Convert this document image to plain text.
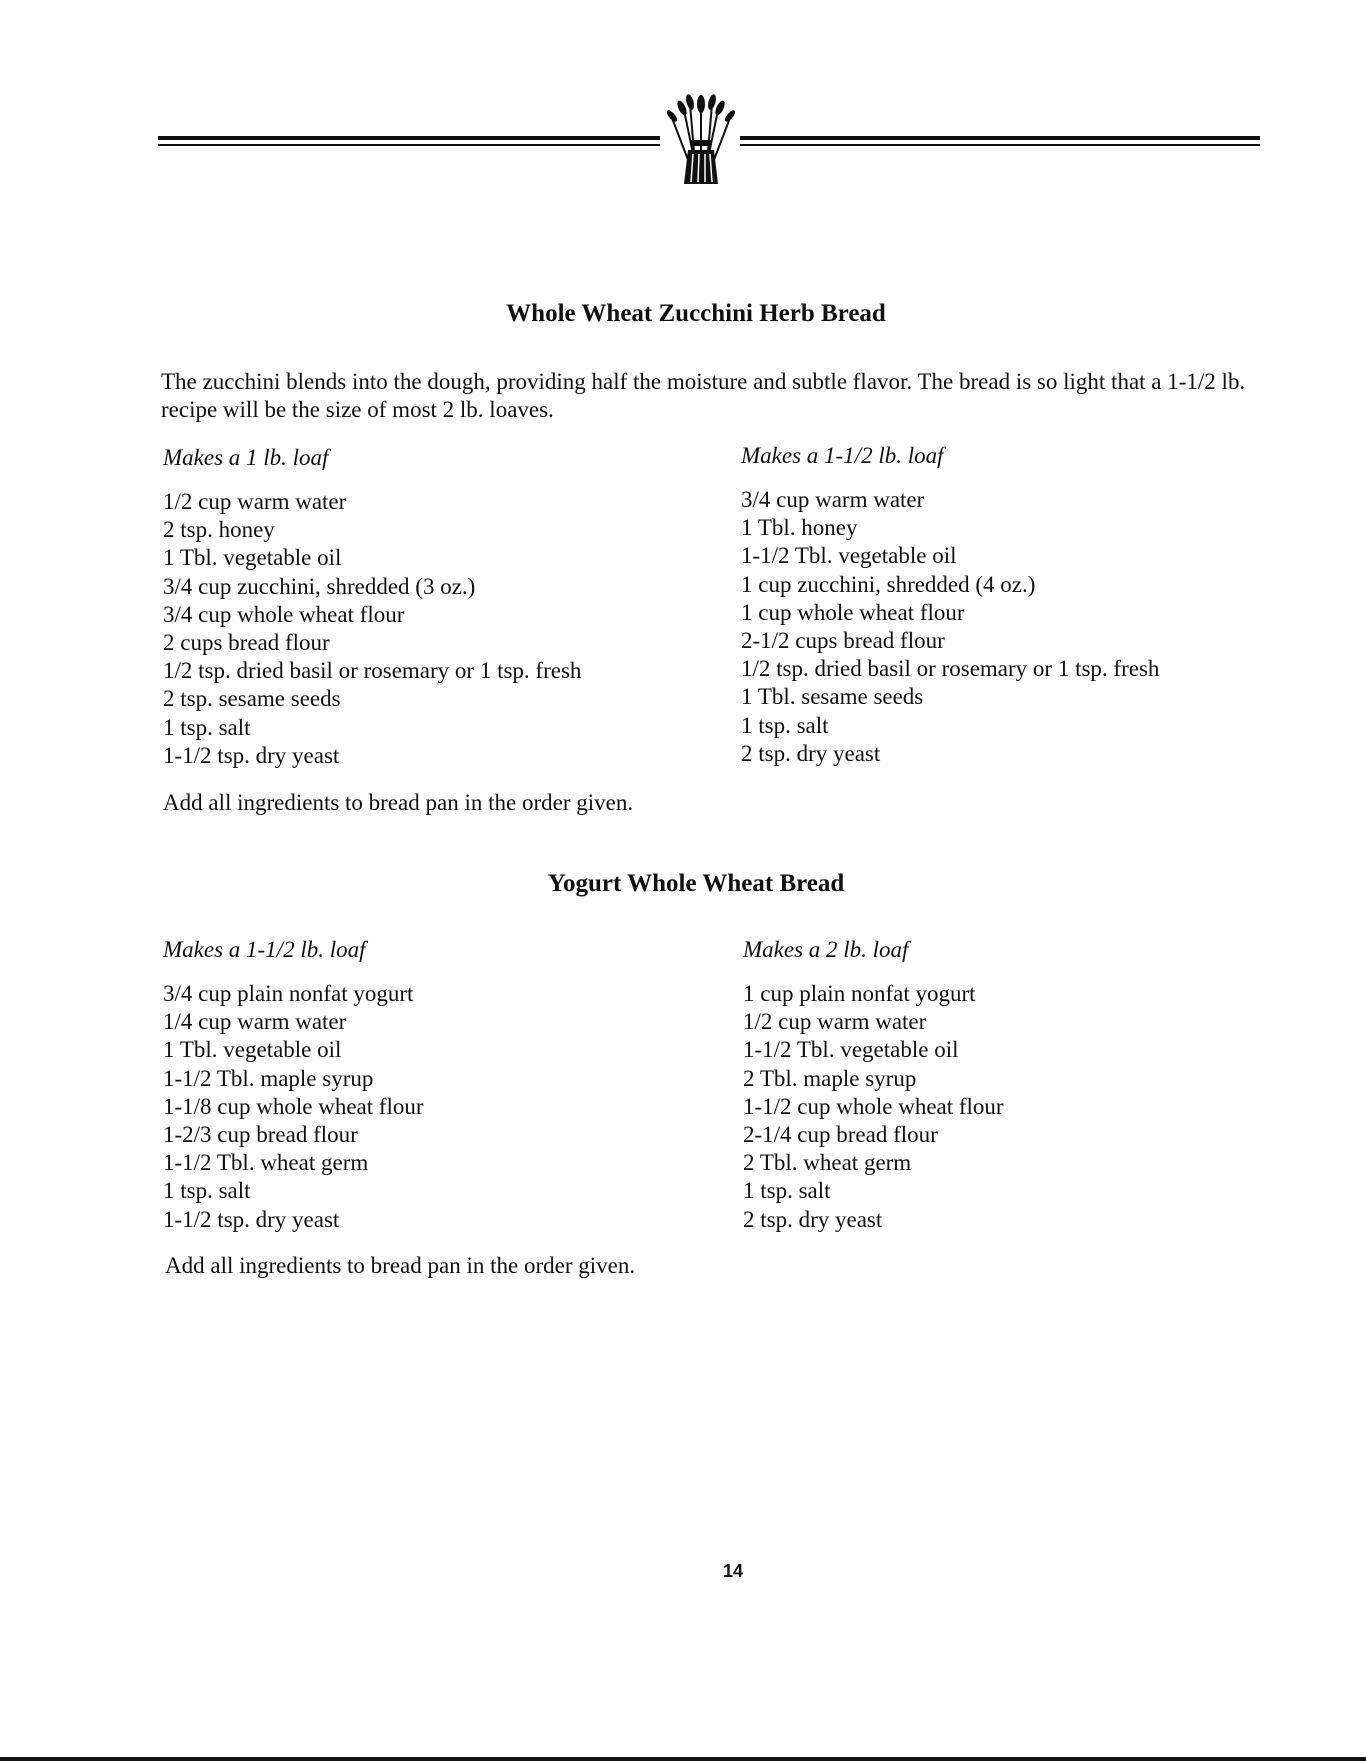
Whole Wheat Zucchini Herb Bread
The zucchini blends into the dough, providing half the moisture and subtle flavor. The bread is so light that a 1-1/2 lb. recipe will be the size of most 2 lb. loaves.
Makes a 1 lb. loaf
1/2 cup warm water
2 tsp. honey
1 Tbl. vegetable oil
3/4 cup zucchini, shredded (3 oz.)
3/4 cup whole wheat flour
2 cups bread flour
1/2 tsp. dried basil or rosemary or 1 tsp. fresh
2 tsp. sesame seeds
1 tsp. salt
1-1/2 tsp. dry yeast
Makes a 1-1/2 lb. loaf
3/4 cup warm water
1 Tbl. honey
1-1/2 Tbl. vegetable oil
1 cup zucchini, shredded (4 oz.)
1 cup whole wheat flour
2-1/2 cups bread flour
1/2 tsp. dried basil or rosemary or 1 tsp. fresh
1 Tbl. sesame seeds
1 tsp. salt
2 tsp. dry yeast
Add all ingredients to bread pan in the order given.
Yogurt Whole Wheat Bread
Makes a 1-1/2 lb. loaf
3/4 cup plain nonfat yogurt
1/4 cup warm water
1 Tbl. vegetable oil
1-1/2 Tbl. maple syrup
1-1/8 cup whole wheat flour
1-2/3 cup bread flour
1-1/2 Tbl. wheat germ
1 tsp. salt
1-1/2 tsp. dry yeast
Makes a 2 lb. loaf
1 cup plain nonfat yogurt
1/2 cup warm water
1-1/2 Tbl. vegetable oil
2 Tbl. maple syrup
1-1/2 cup whole wheat flour
2-1/4 cup bread flour
2 Tbl. wheat germ
1 tsp. salt
2 tsp. dry yeast
Add all ingredients to bread pan in the order given.
14
